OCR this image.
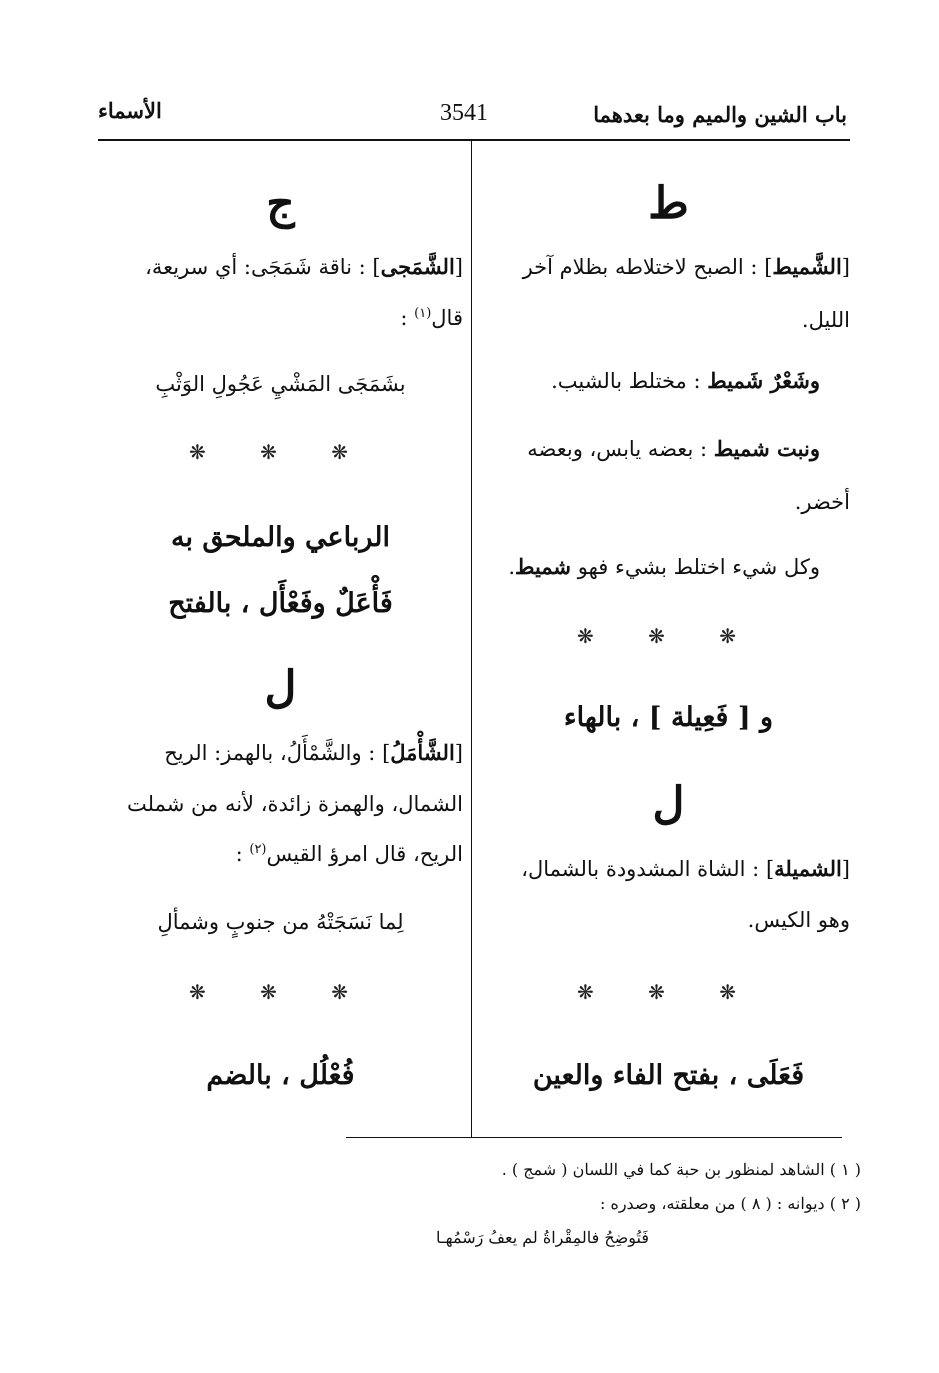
باب الشين والميم وما بعدهما
3541
الأسماء
ط
[الشَّميط] : الصبح لاختلاطه بظلام آخر
الليل.
وشَعْرٌ شَميط : مختلط بالشيب.
ونبت شميط : بعضه يابس، وبعضه
أخضر.
وكل شيء اختلط بشيء فهو شميط.
❋ ❋ ❋
و [ فَعِيلة ] ، بالهاء
ل
[الشميلة] : الشاة المشدودة بالشمال،
وهو الكيس.
❋ ❋ ❋
فَعَلَى ، بفتح الفاء والعين
ج
[الشَّمَجى] : ناقة شَمَجَى: أي سريعة،
قال$^{(١)}$ :
بشَمَجَى المَشْيِ عَجُولِ الوَثْبِ
❋ ❋ ❋
الرباعي والملحق به
فَأْعَلٌ وفَعْأَل ، بالفتح
ل
[الشَّأْمَلُ] : والشَّمْأَلُ، بالهمز: الريح
الشمال، والهمزة زائدة، لأنه من شملت
الريح، قال امرؤ القيس$^{(٢)}$ :
لِما نَسَجَتْهُ من جنوبٍ وشمألِ
❋ ❋ ❋
فُعْلُل ، بالضم
( ١ ) الشاهد لمنظور بن حبة كما في اللسان ( شمج ) .
( ٢ ) ديوانه : ( ٨ ) من معلقته، وصدره :
فَتُوضِحُ فالمِقْراةُ لم يعفُ رَسْمُهـا
